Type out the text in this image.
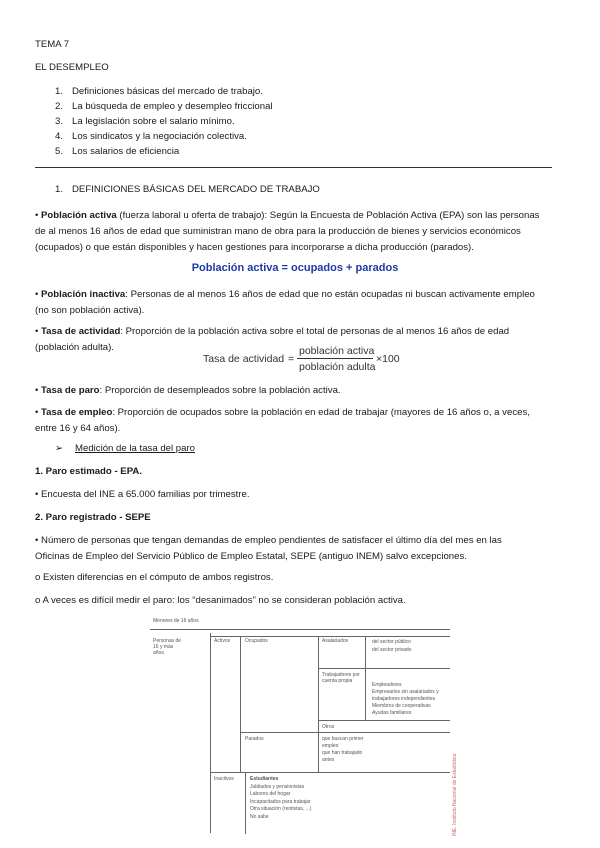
TEMA 7
EL DESEMPLEO
1. Definiciones básicas del mercado de trabajo.
2. La búsqueda de empleo y desempleo friccional
3. La legislación sobre el salario mínimo.
4. Los sindicatos y la negociación colectiva.
5. Los salarios de eficiencia
1. DEFINICIONES BÁSICAS DEL MERCADO DE TRABAJO
• Población activa (fuerza laboral u oferta de trabajo): Según la Encuesta de Población Activa (EPA) son las personas
de al menos 16 años de edad que suministran mano de obra para la producción de bienes y servicios económicos
(ocupados) o que están disponibles y hacen gestiones para incorporarse a dicha producción (parados).
Población activa = ocupados + parados
• Población inactiva: Personas de al menos 16 años de edad que no están ocupadas ni buscan activamente empleo
(no son población activa).
• Tasa de actividad: Proporción de la población activa sobre el total de personas de al menos 16 años de edad
(población adulta).
Tasa de actividad =
población activa
población adulta
×100
• Tasa de paro: Proporción de desempleados sobre la población activa.
• Tasa de empleo: Proporción de ocupados sobre la población en edad de trabajar (mayores de 16 años o, a veces,
entre 16 y 64 años).
➢ Medición de la tasa del paro
1. Paro estimado - EPA.
• Encuesta del INE a 65.000 familias por trimestre.
2. Paro registrado - SEPE
• Número de personas que tengan demandas de empleo pendientes de satisfacer el último día del mes en las
Oficinas de Empleo del Servicio Público de Empleo Estatal, SEPE (antiguo INEM) salvo excepciones.
o Existen diferencias en el cómputo de ambos registros.
o A veces es difícil medir el paro: los “desanimados” no se consideran población activa.
Menores de 16 años
Personas de
16 y más
años
Activos	Ocupados	Asalariados	del sector público
del sector privado
Trabajadores por
cuenta propia
Empleadores
Empresarios sin asalariados y
trabajadores independientes
Miembros de cooperativas
Ayudas familiares
Otros
Parados	que buscan primer
empleo
que han trabajado
antes
Inactivos	Estudiantes
Jubilados y pensionistas
Labores del hogar
Incapacitados para trabajar
Otra situación (rentistas, ...)
No sabe	INE. Instituto Nacional de Estadística
